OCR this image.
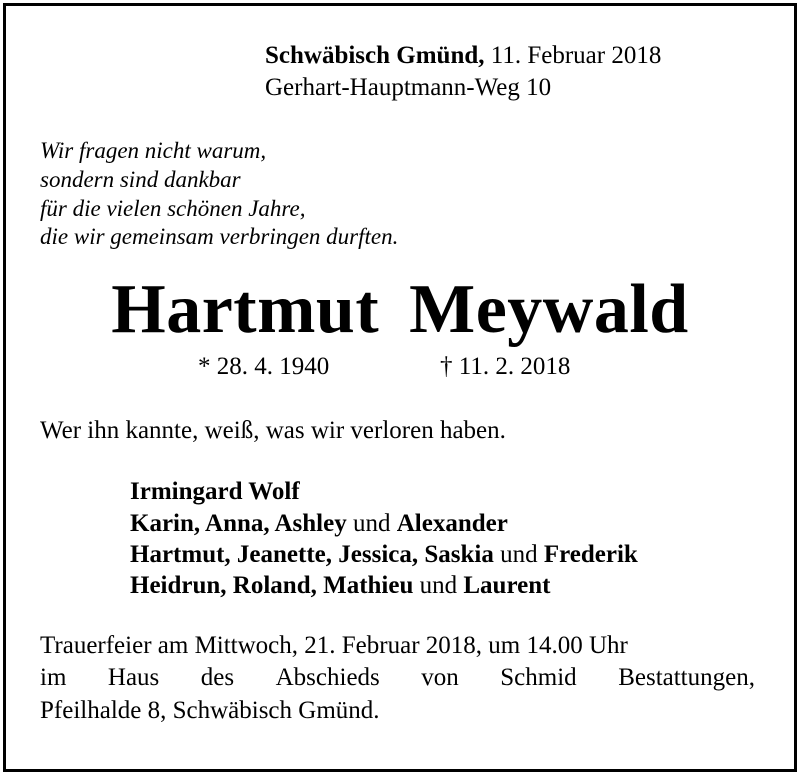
Schwäbisch Gmünd, 11. Februar 2018
Gerhart-Hauptmann-Weg 10
Wir fragen nicht warum,
sondern sind dankbar
für die vielen schönen Jahre,
die wir gemeinsam verbringen durften.
Hartmut Meywald
* 28. 4. 1940	† 11. 2. 2018
Wer ihn kannte, weiß, was wir verloren haben.
Irmingard Wolf
Karin, Anna, Ashley und Alexander
Hartmut, Jeanette, Jessica, Saskia und Frederik
Heidrun, Roland, Mathieu und Laurent
Trauerfeier am Mittwoch, 21. Februar 2018, um 14.00 Uhr
im Haus des Abschieds von Schmid Bestattungen,
Pfeilhalde 8, Schwäbisch Gmünd.
